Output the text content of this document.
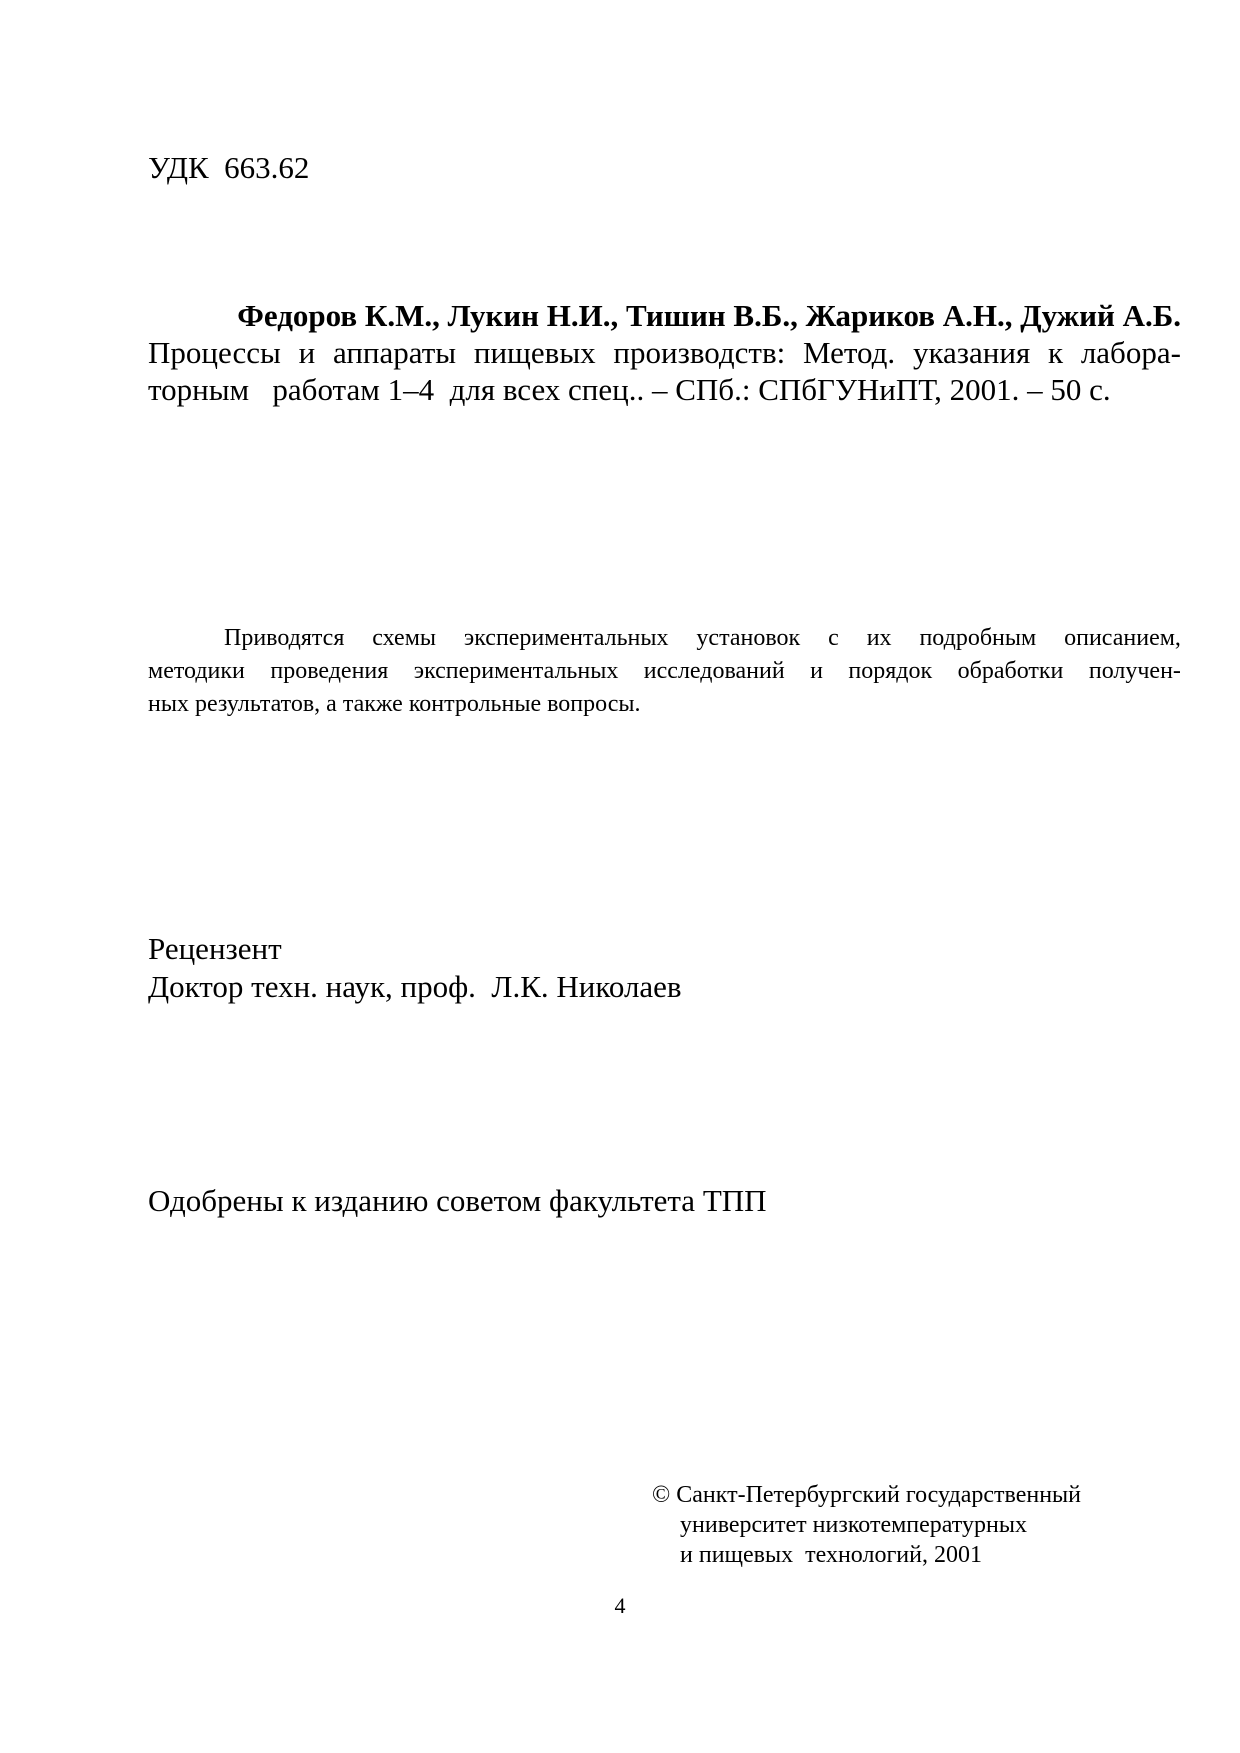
УДК  663.62
Федоров К.М., Лукин Н.И., Тишин В.Б., Жариков А.Н., Дужий А.Б.
Процессы и аппараты пищевых производств: Метод. указания к лабора-
торным   работам 1–4  для всех спец.. – СПб.: СПбГУНиПТ, 2001. – 50 с.
Приводятся схемы экспериментальных установок с их подробным описанием,
методики проведения экспериментальных исследований и порядок обработки получен-
ных результатов, а также контрольные вопросы.
Рецензент
Доктор техн. наук, проф.  Л.К. Николаев
Одобрены к изданию советом факультета ТПП
© Санкт-Петербургский государственный
университет низкотемпературных
и пищевых  технологий, 2001
4
